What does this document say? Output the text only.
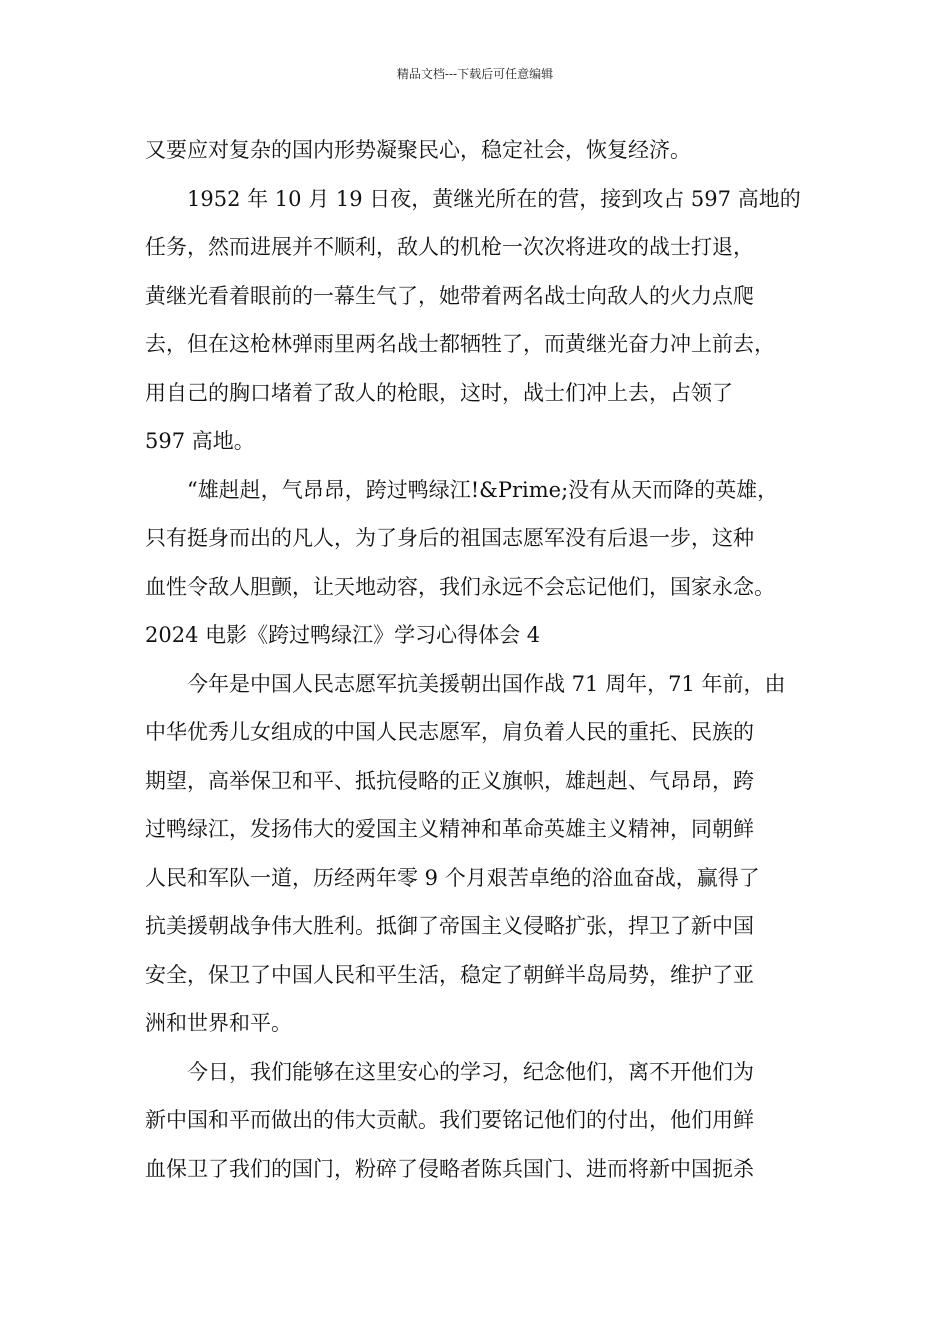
精品文档---下载后可任意编辑
又要应对复杂的国内形势凝聚民心，稳定社会，恢复经济。
1952 年 10 月 19 日夜，黄继光所在的营，接到攻占 597 高地的
任务，然而进展并不顺利，敌人的机枪一次次将进攻的战士打退，
黄继光看着眼前的一幕生气了，她带着两名战士向敌人的火力点爬
去，但在这枪林弹雨里两名战士都牺牲了，而黄继光奋力冲上前去，
用自己的胸口堵着了敌人的枪眼，这时，战士们冲上去，占领了
597 高地。
“雄赳赳，气昂昂，跨过鸭绿江!&Prime;没有从天而降的英雄，
只有挺身而出的凡人，为了身后的祖国志愿军没有后退一步，这种
血性令敌人胆颤，让天地动容，我们永远不会忘记他们，国家永念。
2024 电影《跨过鸭绿江》学习心得体会 4
今年是中国人民志愿军抗美援朝出国作战 71 周年，71 年前，由
中华优秀儿女组成的中国人民志愿军，肩负着人民的重托、民族的
期望，高举保卫和平、抵抗侵略的正义旗帜，雄赳赳、气昂昂，跨
过鸭绿江，发扬伟大的爱国主义精神和革命英雄主义精神，同朝鲜
人民和军队一道，历经两年零 9 个月艰苦卓绝的浴血奋战，赢得了
抗美援朝战争伟大胜利。抵御了帝国主义侵略扩张，捍卫了新中国
安全，保卫了中国人民和平生活，稳定了朝鲜半岛局势，维护了亚
洲和世界和平。
今日，我们能够在这里安心的学习，纪念他们，离不开他们为
新中国和平而做出的伟大贡献。我们要铭记他们的付出，他们用鲜
血保卫了我们的国门，粉碎了侵略者陈兵国门、进而将新中国扼杀
